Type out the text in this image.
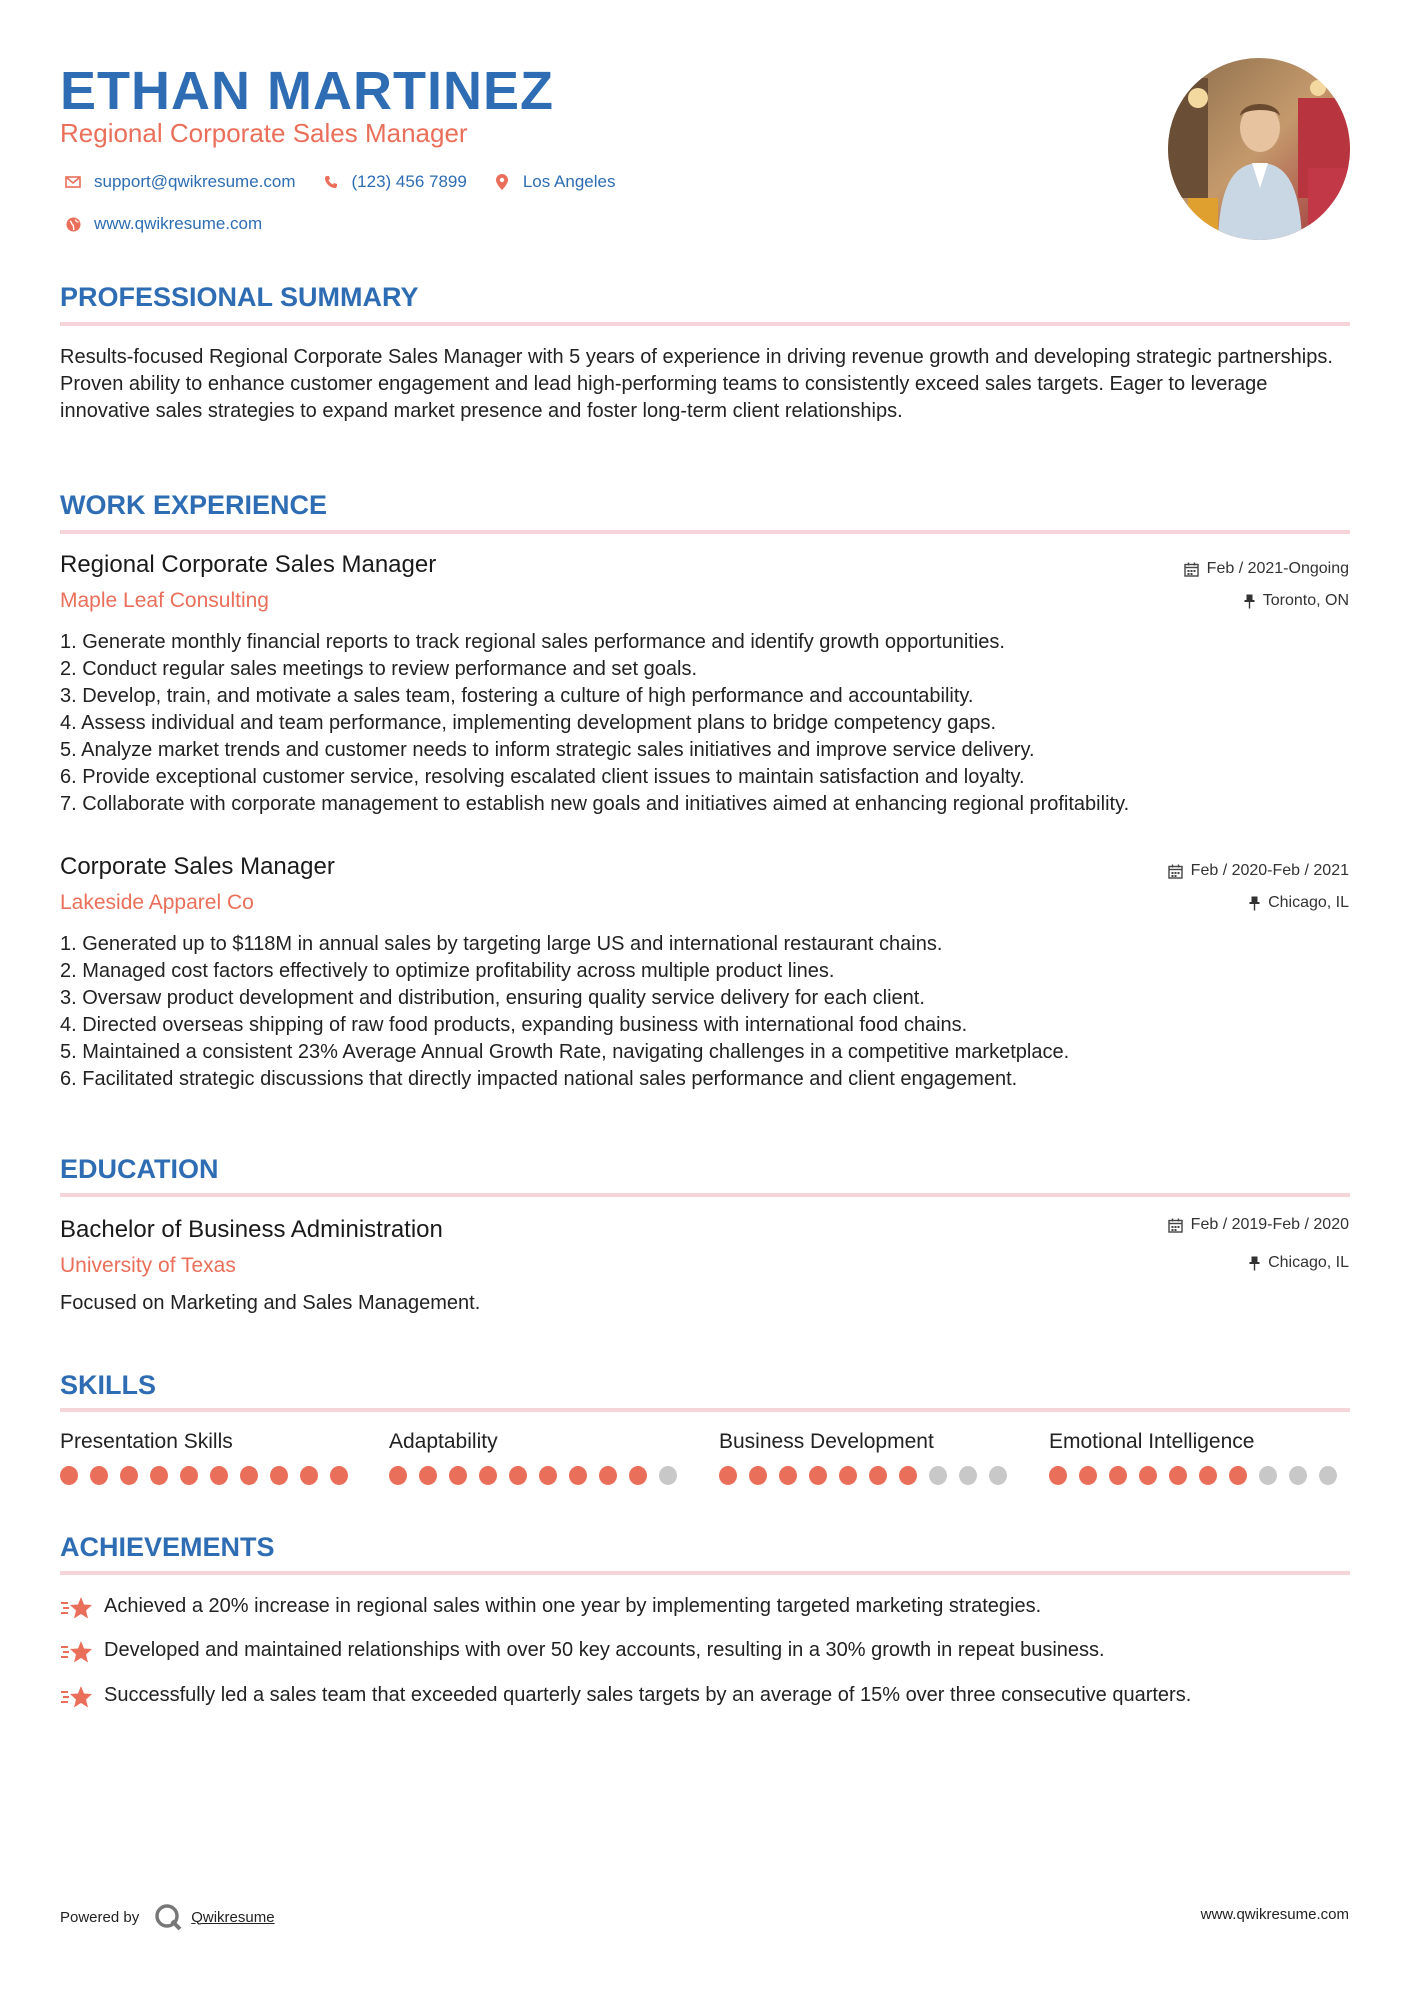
ETHAN MARTINEZ
Regional Corporate Sales Manager
support@qwikresume.com	(123) 456 7899	Los Angeles
www.qwikresume.com
PROFESSIONAL SUMMARY
Results-focused Regional Corporate Sales Manager with 5 years of experience in driving revenue growth and developing strategic partnerships. Proven ability to enhance customer engagement and lead high-performing teams to consistently exceed sales targets. Eager to leverage innovative sales strategies to expand market presence and foster long-term client relationships.
WORK EXPERIENCE
Regional Corporate Sales Manager
Maple Leaf Consulting
Feb / 2021-Ongoing
Toronto, ON
1. Generate monthly financial reports to track regional sales performance and identify growth opportunities.
2. Conduct regular sales meetings to review performance and set goals.
3. Develop, train, and motivate a sales team, fostering a culture of high performance and accountability.
4. Assess individual and team performance, implementing development plans to bridge competency gaps.
5. Analyze market trends and customer needs to inform strategic sales initiatives and improve service delivery.
6. Provide exceptional customer service, resolving escalated client issues to maintain satisfaction and loyalty.
7. Collaborate with corporate management to establish new goals and initiatives aimed at enhancing regional profitability.
Corporate Sales Manager
Lakeside Apparel Co
Feb / 2020-Feb / 2021
Chicago, IL
1. Generated up to $118M in annual sales by targeting large US and international restaurant chains.
2. Managed cost factors effectively to optimize profitability across multiple product lines.
3. Oversaw product development and distribution, ensuring quality service delivery for each client.
4. Directed overseas shipping of raw food products, expanding business with international food chains.
5. Maintained a consistent 23% Average Annual Growth Rate, navigating challenges in a competitive marketplace.
6. Facilitated strategic discussions that directly impacted national sales performance and client engagement.
EDUCATION
Bachelor of Business Administration
University of Texas
Feb / 2019-Feb / 2020
Chicago, IL
Focused on Marketing and Sales Management.
SKILLS
Presentation Skills	Adaptability	Business Development	Emotional Intelligence
ACHIEVEMENTS
Achieved a 20% increase in regional sales within one year by implementing targeted marketing strategies.
Developed and maintained relationships with over 50 key accounts, resulting in a 30% growth in repeat business.
Successfully led a sales team that exceeded quarterly sales targets by an average of 15% over three consecutive quarters.
Powered by	Qwikresume	www.qwikresume.com
